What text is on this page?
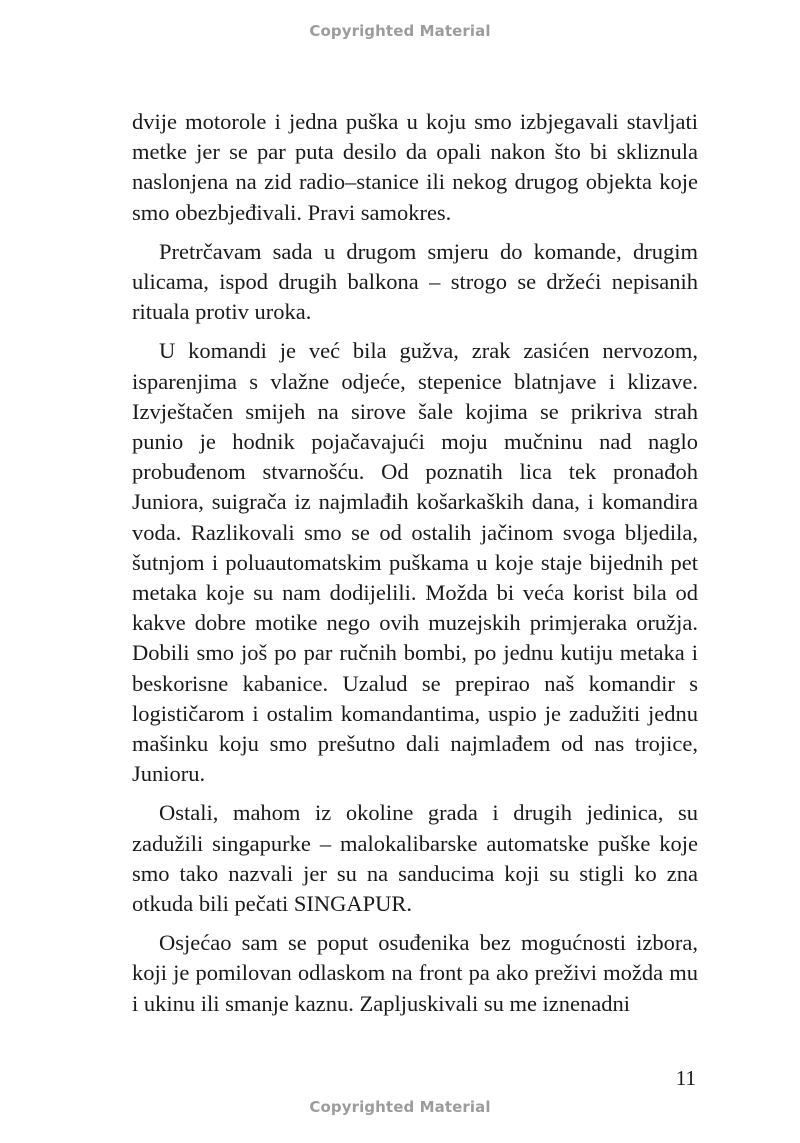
Copyrighted Material

dvije motorole i jedna puška u koju smo izbjegavali stavljati metke jer se par puta desilo da opali nakon što bi skliznula naslonjena na zid radio–stanice ili nekog drugog objekta koje smo obezbjeđivali. Pravi samokres.

Pretrčavam sada u drugom smjeru do komande, drugim ulicama, ispod drugih balkona – strogo se držeći nepisanih rituala protiv uroka.

U komandi je već bila gužva, zrak zasićen nervozom, isparenjima s vlažne odjeće, stepenice blatnjave i klizave. Izvještačen smijeh na sirove šale kojima se prikriva strah punio je hodnik pojačavajući moju mučninu nad naglo probuđenom stvarnošću. Od poznatih lica tek pronađoh Juniora, suigrača iz najmlađih košarkaških dana, i komandira voda. Razlikovali smo se od ostalih jačinom svoga bljedila, šutnjom i poluautomatskim puškama u koje staje bijednih pet metaka koje su nam dodijelili. Možda bi veća korist bila od kakve dobre motike nego ovih muzejskih primjeraka oružja. Dobili smo još po par ručnih bombi, po jednu kutiju metaka i beskorisne kabanice. Uzalud se prepirao naš komandir s logističarom i ostalim komandantima, uspio je zadužiti jednu mašinku koju smo prešutno dali najmlađem od nas trojice, Junioru.

Ostali, mahom iz okoline grada i drugih jedinica, su zadužili singapurke – malokalibarske automatske puške koje smo tako nazvali jer su na sanducima koji su stigli ko zna otkuda bili pečati SINGAPUR.

Osjećao sam se poput osuđenika bez mogućnosti izbora, koji je pomilovan odlaskom na front pa ako preživi možda mu i ukinu ili smanje kaznu. Zapljuskivali su me iznenadni

11
Copyrighted Material
